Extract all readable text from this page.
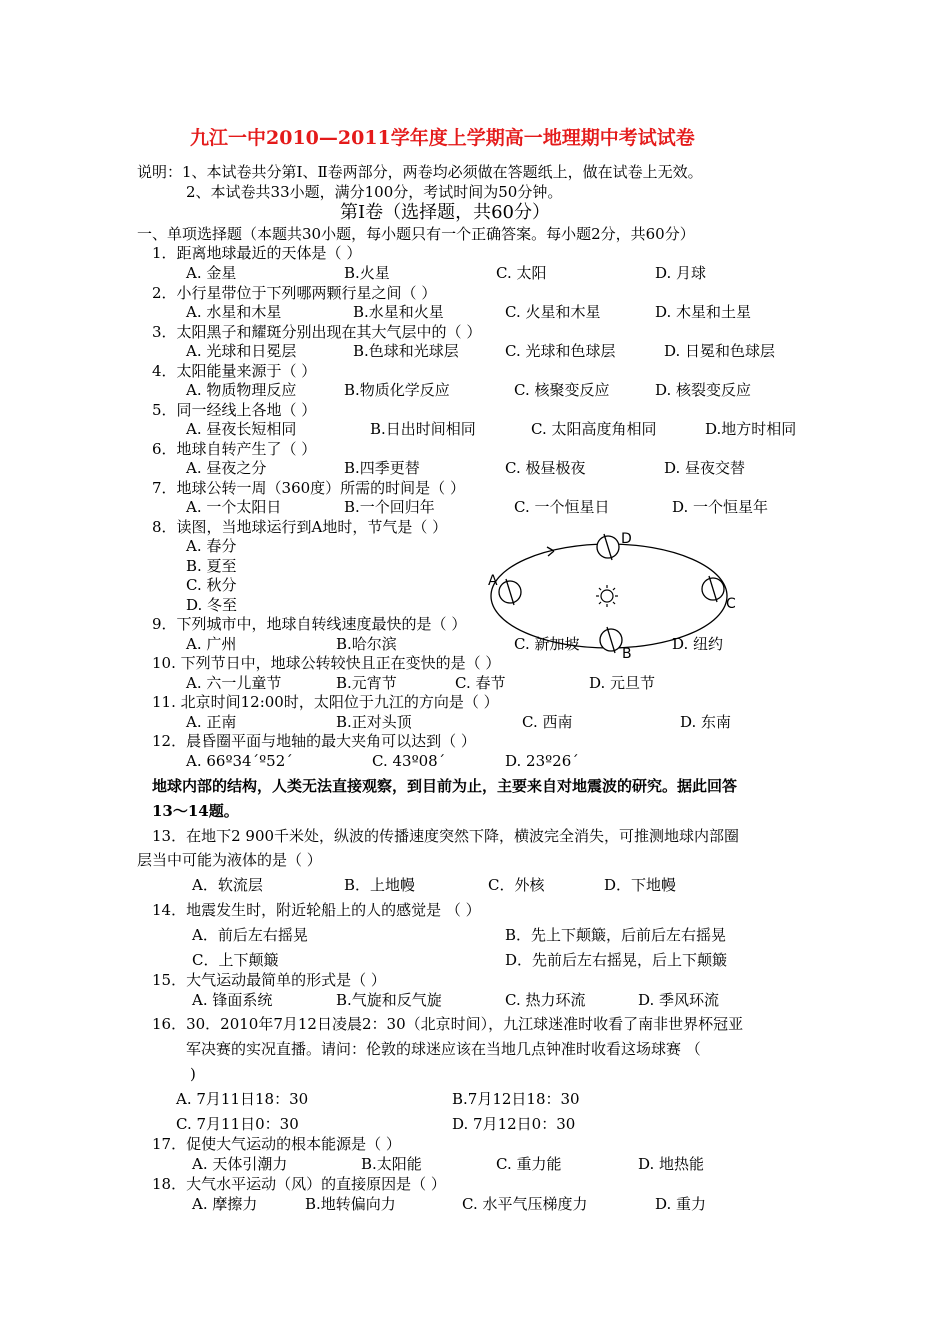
九江一中2010—2011学年度上学期高一地理期中考试试卷
说明：1、本试卷共分第Ⅰ、Ⅱ卷两部分，两卷均必须做在答题纸上，做在试卷上无效。
2、本试卷共33小题，满分100分，考试时间为50分钟。
第Ⅰ卷（选择题，共60分）
一、单项选择题（本题共30小题，每小题只有一个正确答案。每小题2分，共60分）
1．距离地球最近的天体是（ ）
A. 金星	B.火星	C. 太阳	D. 月球
2．小行星带位于下列哪两颗行星之间（ ）
A. 水星和木星	B.水星和火星	C. 火星和木星	D. 木星和土星
3．太阳黑子和耀斑分别出现在其大气层中的（ ）
A. 光球和日冕层	B.色球和光球层	C. 光球和色球层	D. 日冕和色球层
4．太阳能量来源于（ ）
A. 物质物理反应	B.物质化学反应	C. 核聚变反应	D. 核裂变反应
5．同一经线上各地（ ）
A. 昼夜长短相同	B.日出时间相同	C. 太阳高度角相同	D.地方时相同
6．地球自转产生了（ ）
A. 昼夜之分	B.四季更替	C. 极昼极夜	D. 昼夜交替
7．地球公转一周（360度）所需的时间是（ ）
A. 一个太阳日	B.一个回归年	C. 一个恒星日	D. 一个恒星年
8．读图，当地球运行到A地时，节气是（ ）
A. 春分
B. 夏至
C. 秋分
D. 冬至
A
D
C
B
9．下列城市中，地球自转线速度最快的是（ ）
A. 广州	B.哈尔滨	C. 新加坡	D. 纽约
10. 下列节日中，地球公转较快且正在变快的是（ ）
A. 六一儿童节	B.元宵节	C. 春节	D. 元旦节
11. 北京时间12:00时，太阳位于九江的方向是（ ）
A. 正南	B.正对头顶	C. 西南	D. 东南
12．晨昏圈平面与地轴的最大夹角可以达到（ ）
A. 66º34´º52´	C. 43º08´	D. 23º26´
地球内部的结构，人类无法直接观察，到目前为止，主要来自对地震波的研究。据此回答
13～14题。
13．在地下2 900千米处，纵波的传播速度突然下降，横波完全消失，可推测地球内部圈
层当中可能为液体的是（ ）
A．软流层	B．上地幔	C．外核	D．下地幔
14．地震发生时，附近轮船上的人的感觉是 （ ）
A．前后左右摇晃	B．先上下颠簸，后前后左右摇晃
C．上下颠簸	D．先前后左右摇晃，后上下颠簸
15．大气运动最简单的形式是（ ）
A. 锋面系统	B.气旋和反气旋	C. 热力环流	D. 季风环流
16．30．2010年7月12日凌晨2：30（北京时间），九江球迷准时收看了南非世界杯冠亚
军决赛的实况直播。请问：伦敦的球迷应该在当地几点钟准时收看这场球赛 （
)
A. 7月11日18：30	B.7月12日18：30
C. 7月11日0：30	D. 7月12日0：30
17．促使大气运动的根本能源是（ ）
A. 天体引潮力	B.太阳能	C. 重力能	D. 地热能
18．大气水平运动（风）的直接原因是（ ）
A. 摩擦力	B.地转偏向力	C. 水平气压梯度力	D. 重力
